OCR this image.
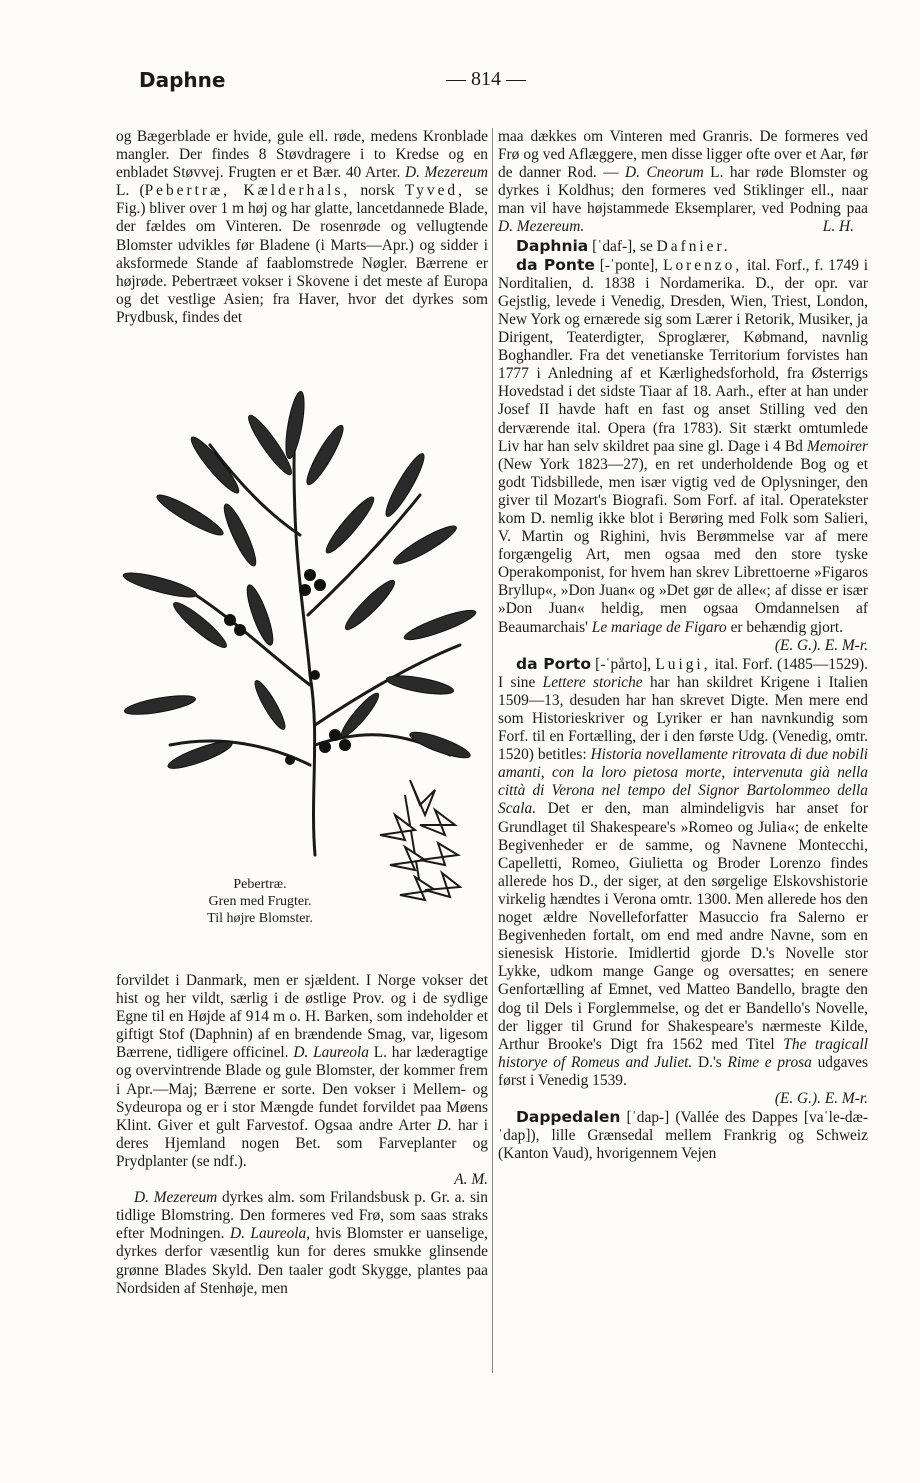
Daphne	— 814 —

og Bægerblade er hvide, gule ell. røde, medens Kronblade mangler. Der findes 8 Støvdragere i to Kredse og en enbladet Støvvej. Frugten er et Bær. 40 Arter. D. Mezereum L. (Pebertræ, Kælderhals, norsk Tyved, se Fig.) bliver over 1 m høj og har glatte, lancetdannede Blade, der fældes om Vinteren. De rosenrøde og vellugtende Blomster udvikles før Bladene (i Marts—Apr.) og sidder i aksformede Stande af faablomstrede Nøgler. Bærrene er højrøde. Pebertræet vokser i Skovene i det meste af Europa og det vestlige Asien; fra Haver, hvor det dyrkes som Prydbusk, findes det

Pebertræ.
Gren med Frugter.
Til højre Blomster.

forvildet i Danmark, men er sjældent. I Norge vokser det hist og her vildt, særlig i de østlige Prov. og i de sydlige Egne til en Højde af 914 m o. H. Barken, som indeholder et giftigt Stof (Daphnin) af en brændende Smag, var, ligesom Bærrene, tidligere officinel. D. Laureola L. har læderagtige og overvintrende Blade og gule Blomster, der kommer frem i Apr.—Maj; Bærrene er sorte. Den vokser i Mellem- og Sydeuropa og er i stor Mængde fundet forvildet paa Møens Klint. Giver et gult Farvestof. Ogsaa andre Arter D. har i deres Hjemland nogen Bet. som Farveplanter og Prydplanter (se ndf.).

A. M.

D. Mezereum dyrkes alm. som Frilandsbusk p. Gr. a. sin tidlige Blomstring. Den formeres ved Frø, som saas straks efter Modningen. D. Laureola, hvis Blomster er uanselige, dyrkes derfor væsentlig kun for deres smukke glinsende grønne Blades Skyld. Den taaler godt Skygge, plantes paa Nordsiden af Stenhøje, men

maa dækkes om Vinteren med Granris. De formeres ved Frø og ved Aflæggere, men disse ligger ofte over et Aar, før de danner Rod. — D. Cneorum L. har røde Blomster og dyrkes i Koldhus; den formeres ved Stiklinger ell., naar man vil have højstammede Eksemplarer, ved Podning paa D. Mezereum.	L. H.

Daphnia [ˈdaf-], se Dafnier.

da Ponte [-ˈponte], Lorenzo, ital. Forf., f. 1749 i Norditalien, d. 1838 i Nordamerika. D., der opr. var Gejstlig, levede i Venedig, Dresden, Wien, Triest, London, New York og ernærede sig som Lærer i Retorik, Musiker, ja Dirigent, Teaterdigter, Sproglærer, Købmand, navnlig Boghandler. Fra det venetianske Territorium forvistes han 1777 i Anledning af et Kærlighedsforhold, fra Østerrigs Hovedstad i det sidste Tiaar af 18. Aarh., efter at han under Josef II havde haft en fast og anset Stilling ved den derværende ital. Opera (fra 1783). Sit stærkt omtumlede Liv har han selv skildret paa sine gl. Dage i 4 Bd Memoirer (New York 1823—27), en ret underholdende Bog og et godt Tidsbillede, men især vigtig ved de Oplysninger, den giver til Mozart's Biografi. Som Forf. af ital. Operatekster kom D. nemlig ikke blot i Berøring med Folk som Salieri, V. Martin og Righini, hvis Berømmelse var af mere forgængelig Art, men ogsaa med den store tyske Operakomponist, for hvem han skrev Librettoerne »Figaros Bryllup«, »Don Juan« og »Det gør de alle«; af disse er især »Don Juan« heldig, men ogsaa Omdannelsen af Beaumarchais' Le mariage de Figaro er behændig gjort.

(E. G.). E. M-r.

da Porto [-ˈpårto], Luigi, ital. Forf. (1485—1529). I sine Lettere storiche har han skildret Krigene i Italien 1509—13, desuden har han skrevet Digte. Men mere end som Historieskriver og Lyriker er han navnkundig som Forf. til en Fortælling, der i den første Udg. (Venedig, omtr. 1520) betitles: Historia novellamente ritrovata di due nobili amanti, con la loro pietosa morte, intervenuta già nella città di Verona nel tempo del Signor Bartolommeo della Scala. Det er den, man almindeligvis har anset for Grundlaget til Shakespeare's »Romeo og Julia«; de enkelte Begivenheder er de samme, og Navnene Montecchi, Capelletti, Romeo, Giulietta og Broder Lorenzo findes allerede hos D., der siger, at den sørgelige Elskovshistorie virkelig hændtes i Verona omtr. 1300. Men allerede hos den noget ældre Novelleforfatter Masuccio fra Salerno er Begivenheden fortalt, om end med andre Navne, som en sienesisk Historie. Imidlertid gjorde D.'s Novelle stor Lykke, udkom mange Gange og oversattes; en senere Genfortælling af Emnet, ved Matteo Bandello, bragte den dog til Dels i Forglemmelse, og det er Bandello's Novelle, der ligger til Grund for Shakespeare's nærmeste Kilde, Arthur Brooke's Digt fra 1562 med Titel The tragicall historye of Romeus and Juliet. D.'s Rime e prosa udgaves først i Venedig 1539.

(E. G.). E. M-r.

Dappedalen [ˈdap-] (Vallée des Dappes [vaˈle-dæ-ˈdap]), lille Grænsedal mellem Frankrig og Schweiz (Kanton Vaud), hvorigennem Vejen
